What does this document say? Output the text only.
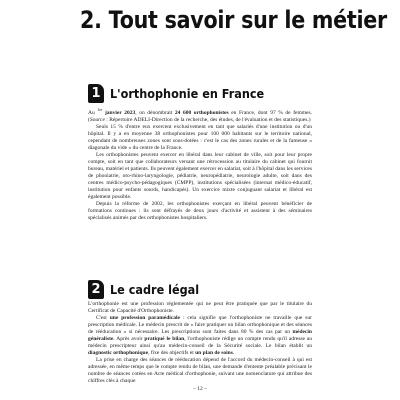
2. Tout savoir sur le métier
1 L'orthophonie en France

Au $^{1er}$ janvier 2023, on dénombrait 24 600 orthophonistes en France, dont 97 % de femmes. (Source : Répertoire ADELI-Direction de la recherche, des études, de l'évaluation et des statistiques.)

Seuls 15 % d'entre eux exercent exclusivement en tant que salariés d'une institution ou d'un hôpital. Il y a en moyenne 38 orthophonistes pour 100 000 habitants sur le territoire national, cependant de nombreuses zones sont sous-dotées : c'est le cas des zones rurales et de la fameuse « diagonale du vide » du centre de la France.

Les orthophonistes peuvent exercer en libéral dans leur cabinet de ville, soit pour leur propre compte, soit en tant que collaborateurs versant une rétrocession au titulaire du cabinet qui fournit bureau, matériel et patients. Ils peuvent également exercer en salariat, soit à l'hôpital dans les services de phoniatrie, oto-rhino-laryngologie, pédiatrie, neuropédiatrie, neurologie adulte, soit dans des centres médico-psycho-pédagogiques (CMPP), institutions spécialisées (internat médico-éducatif, institution pour enfants sourds, handicapés). Un exercice mixte conjuguant salariat et libéral est également possible.

Depuis la réforme de 2002, les orthophonistes exerçant en libéral peuvent bénéficier de formations continues : ils sont défrayés de deux jours d'activité et assistent à des séminaires spécialisés animés par des orthophonistes hospitaliers.

2 Le cadre légal

L'orthophonie est une profession réglementée qui ne peut être pratiquée que par le titulaire du Certificat de Capacité d'Orthophoniste.

C'est une profession paramédicale : cela signifie que l'orthophoniste ne travaille que sur prescription médicale. Le médecin prescrit de « faire pratiquer un bilan orthophonique et des séances de rééducation » si nécessaire. Les prescriptions sont faites dans 80 % des cas par un médecin généraliste. Après avoir pratiqué le bilan, l'orthophoniste rédige un compte rendu qu'il adresse au médecin prescripteur ainsi qu'au médecin-conseil de la Sécurité sociale. Le bilan établit un diagnostic orthophonique, fixe des objectifs et un plan de soins.

La prise en charge des séances de rééducation dépend de l'accord du médecin-conseil à qui est adressée, en même temps que le compte rendu de bilan, une demande d'entente préalable précisant le nombre de séances cotées en Acte médical d'orthophonie, suivant une nomenclature qui attribue des chiffres clés à chaque

– 12 –
